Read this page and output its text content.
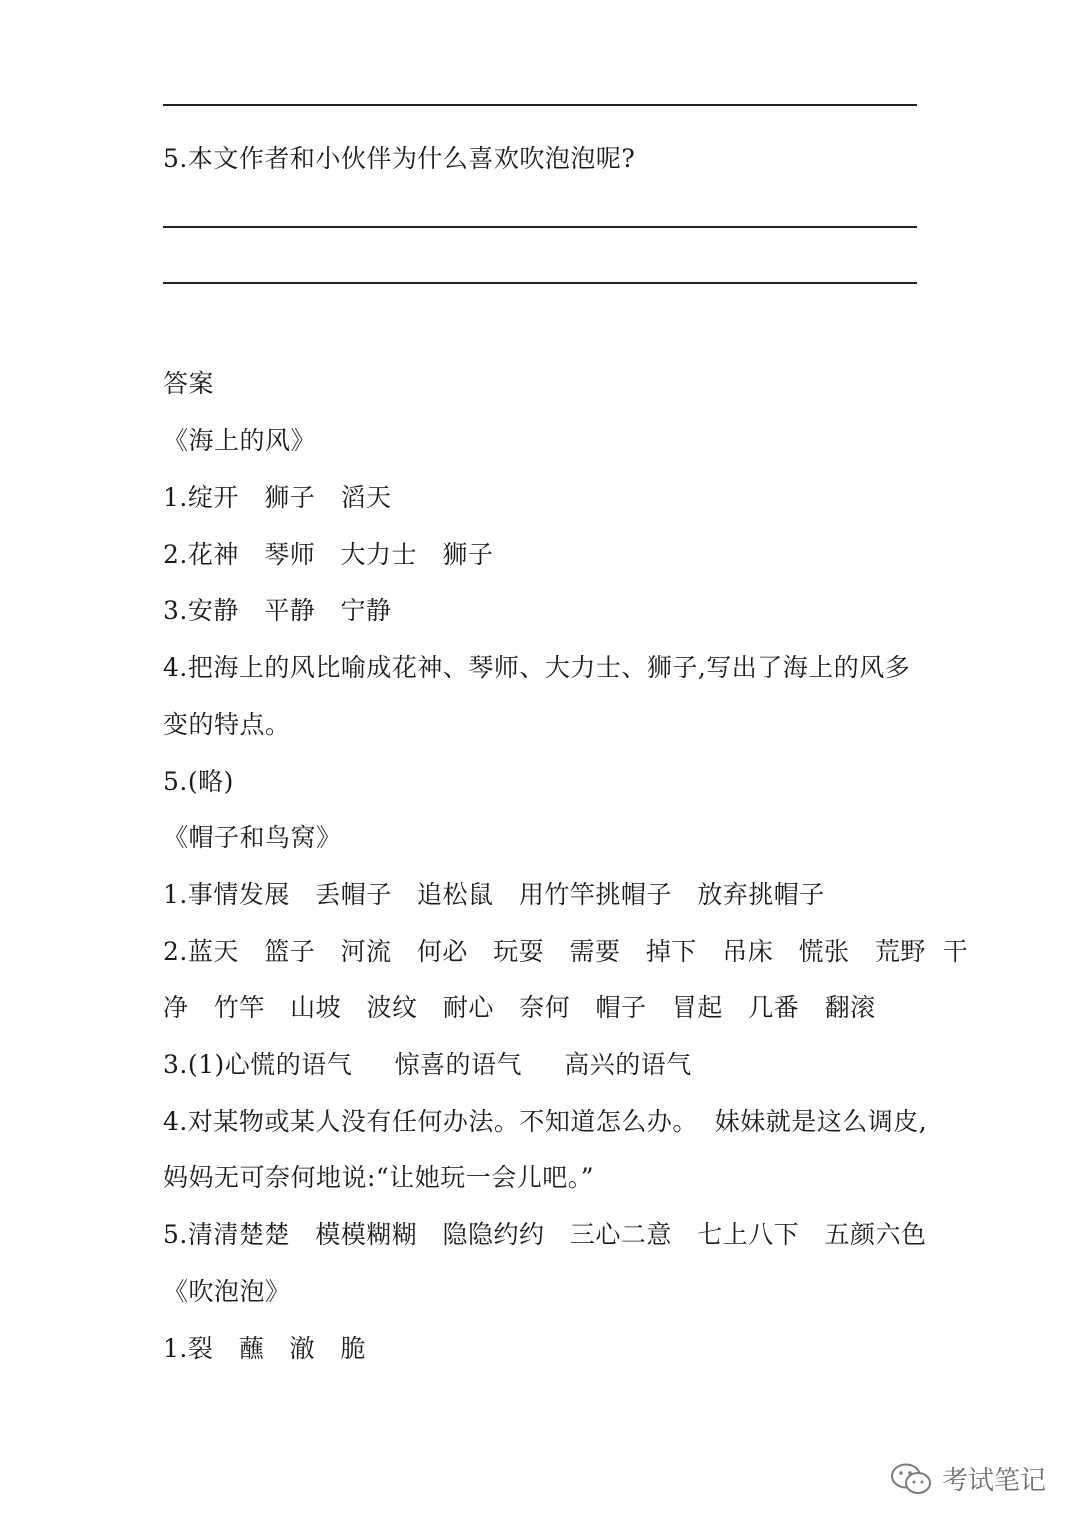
5.本文作者和小伙伴为什么喜欢吹泡泡呢?
答案
《海上的风》
1.绽开   狮子   滔天
2.花神   琴师   大力士   狮子
3.安静   平静   宁静
4.把海上的风比喻成花神、琴师、大力士、狮子,写出了海上的风多
变的特点。
5.(略)
《帽子和鸟窝》
1.事情发展   丢帽子   追松鼠   用竹竿挑帽子   放弃挑帽子
2.蓝天   篮子   河流   何必   玩耍   需要   掉下   吊床   慌张   荒野  干
净   竹竿   山坡   波纹   耐心   奈何   帽子   冒起   几番   翻滚
3.(1)心慌的语气     惊喜的语气     高兴的语气
4.对某物或某人没有任何办法。不知道怎么办。  妹妹就是这么调皮,
妈妈无可奈何地说:“让她玩一会儿吧。”
5.清清楚楚   模模糊糊   隐隐约约   三心二意   七上八下   五颜六色
《吹泡泡》
1.裂   蘸   澈   脆
考试笔记
